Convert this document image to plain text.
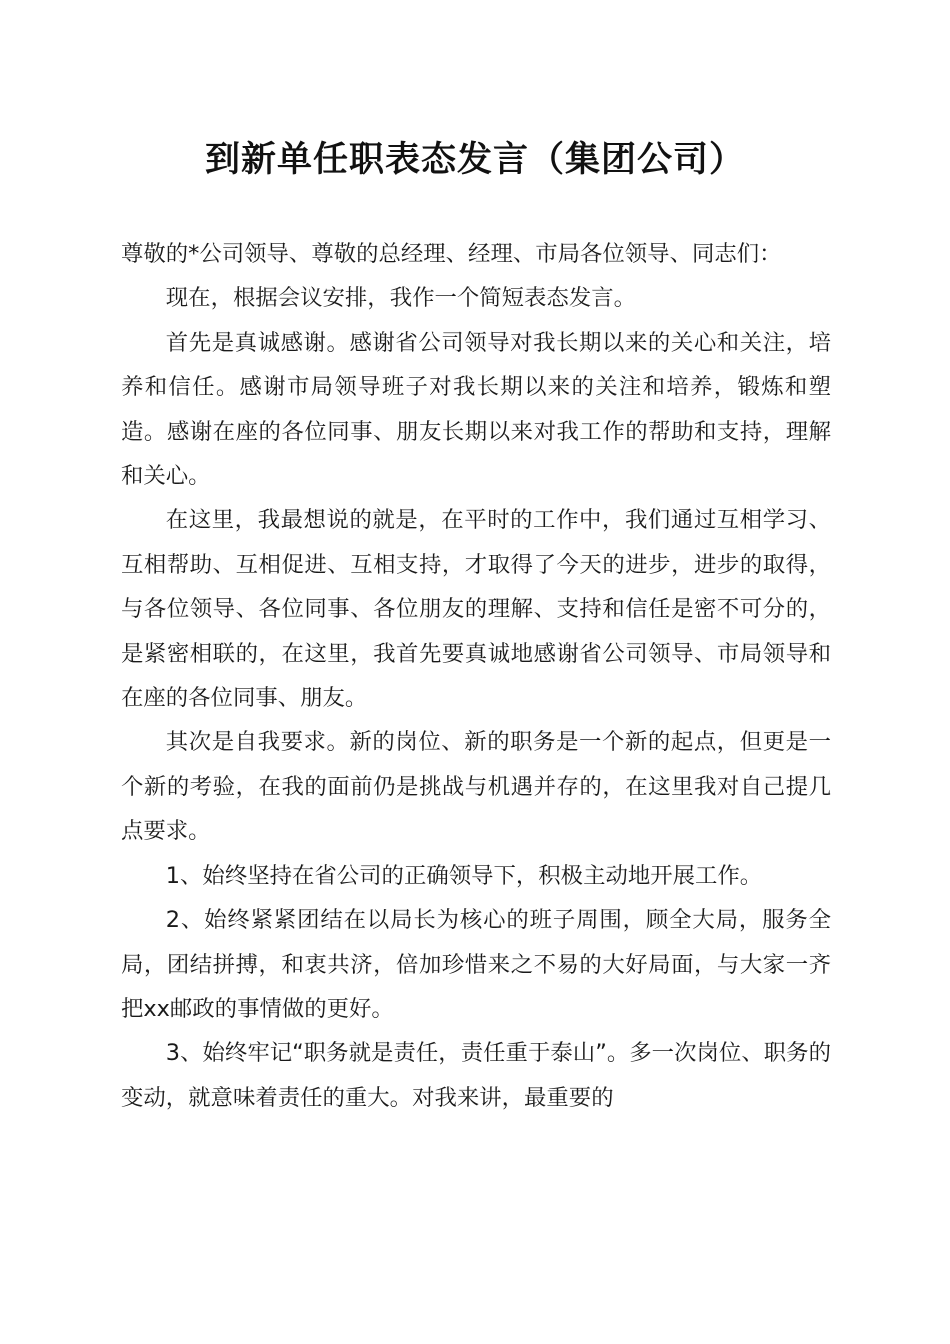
到新单任职表态发言（集团公司）

尊敬的*公司领导、尊敬的总经理、经理、市局各位领导、同志们：

现在，根据会议安排，我作一个简短表态发言。

首先是真诚感谢。感谢省公司领导对我长期以来的关心和关注，培养和信任。感谢市局领导班子对我长期以来的关注和培养，锻炼和塑造。感谢在座的各位同事、朋友长期以来对我工作的帮助和支持，理解和关心。

在这里，我最想说的就是，在平时的工作中，我们通过互相学习、互相帮助、互相促进、互相支持，才取得了今天的进步，进步的取得，与各位领导、各位同事、各位朋友的理解、支持和信任是密不可分的，是紧密相联的，在这里，我首先要真诚地感谢省公司领导、市局领导和在座的各位同事、朋友。

其次是自我要求。新的岗位、新的职务是一个新的起点，但更是一个新的考验，在我的面前仍是挑战与机遇并存的，在这里我对自己提几点要求。

1、始终坚持在省公司的正确领导下，积极主动地开展工作。

2、始终紧紧团结在以局长为核心的班子周围，顾全大局，服务全局，团结拼搏，和衷共济，倍加珍惜来之不易的大好局面，与大家一齐把xx邮政的事情做的更好。

3、始终牢记“职务就是责任，责任重于泰山”。多一次岗位、职务的变动，就意味着责任的重大。对我来讲，最重要的
